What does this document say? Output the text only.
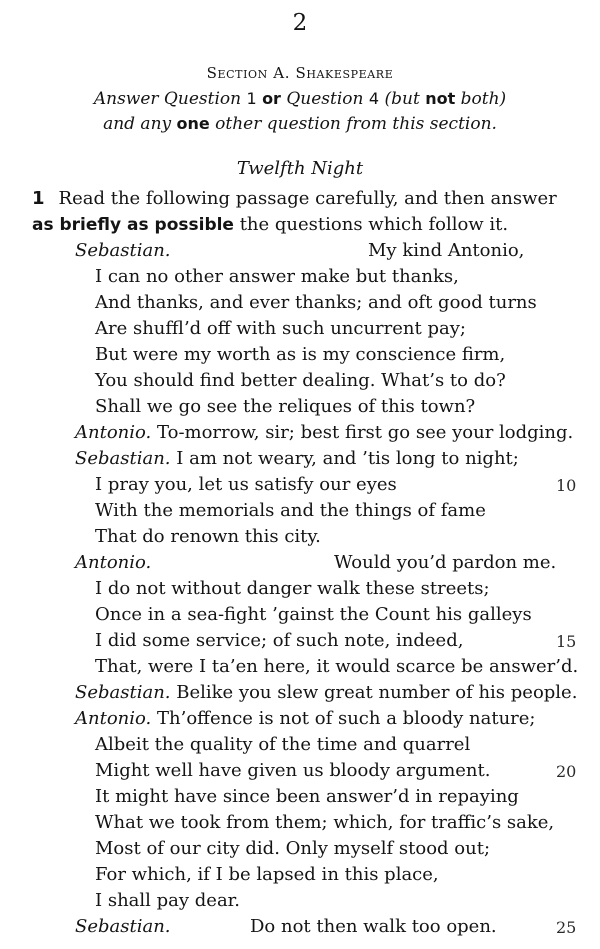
2
Section A. Shakespeare
Answer Question 1 or Question 4 (but not both)
and any one other question from this section.
Twelfth Night
1 Read the following passage carefully, and then answer
as briefly as possible the questions which follow it.
Sebastian.	My kind Antonio,
I can no other answer make but thanks,
And thanks, and ever thanks; and oft good turns
Are shuffl’d off with such uncurrent pay;
But were my worth as is my conscience firm,
You should find better dealing. What’s to do?
Shall we go see the reliques of this town?
Antonio. To-morrow, sir; best first go see your lodging.
Sebastian. I am not weary, and ’tis long to night;
I pray you, let us satisfy our eyes	10
With the memorials and the things of fame
That do renown this city.
Antonio.	Would you’d pardon me.
I do not without danger walk these streets;
Once in a sea-fight ’gainst the Count his galleys
I did some service; of such note, indeed,	15
That, were I ta’en here, it would scarce be answer’d.
Sebastian. Belike you slew great number of his people.
Antonio. Th’offence is not of such a bloody nature;
Albeit the quality of the time and quarrel
Might well have given us bloody argument.	20
It might have since been answer’d in repaying
What we took from them; which, for traffic’s sake,
Most of our city did. Only myself stood out;
For which, if I be lapsed in this place,
I shall pay dear.
Sebastian.	Do not then walk too open.	25
